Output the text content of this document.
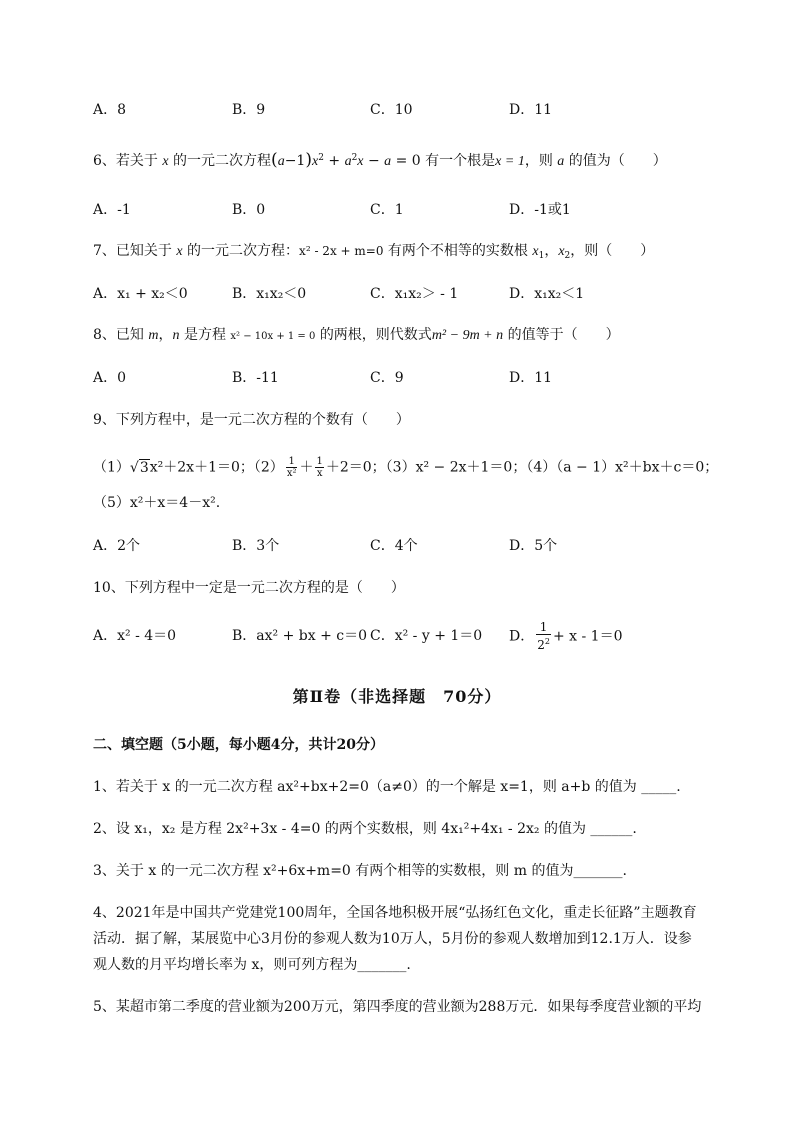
A．8	B．9	C．10	D．11
6、若关于 x 的一元二次方程$(a-1)x^2 + a^2x - a = 0$ 有一个根是x = 1，则 a 的值为（　　）
A．-1	B．0	C．1	D．-1或1
7、已知关于 x 的一元二次方程：x² - 2x + m=0 有两个不相等的实数根 $x_1$，$x_2$，则（　　）
A．x₁ + x₂＜0	B．x₁x₂＜0	C．x₁x₂＞ - 1	D．x₁x₂＜1
8、已知 m，n 是方程 x² − 10x + 1 = 0 的两根，则代数式m² − 9m + n 的值等于（　　）
A．0	B．-11	C．9	D．11
9、下列方程中，是一元二次方程的个数有（　　）
（1）√3x²＋2x＋1＝0；$(2) \frac{1}{\text{x²}} + \frac{1}{x} +2=0$；（3）x² − 2x＋1＝0；（4）（a − 1）x²＋bx＋c＝0；
（5）x²＋x＝4－x².
A．2个	B．3个	C．4个	D．5个
10、下列方程中一定是一元二次方程的是（　　）
A．x² - 4＝0	B．ax² + bx + c＝0 C．x² - y + 1＝0 D． $\frac{1}{2^2} + x - 1=0$
第Ⅱ卷（非选择题　70分）
二、填空题（5小题，每小题4分，共计20分）
1、若关于 x 的一元二次方程 ax²+bx+2=0（a≠0）的一个解是 x=1，则 a+b 的值为 _____.
2、设 x₁，x₂ 是方程 2x²+3x - 4=0 的两个实数根，则 4x₁²+4x₁ - 2x₂ 的值为 ______.
3、关于 x 的一元二次方程 x²+6x+m=0 有两个相等的实数根，则 m 的值为_______.
4、2021年是中国共产党建党100周年，全国各地积极开展“弘扬红色文化，重走长征路”主题教育
活动．据了解，某展览中心3月份的参观人数为10万人，5月份的参观人数增加到12.1万人．设参
观人数的月平均增长率为 x，则可列方程为_______.
5、某超市第二季度的营业额为200万元，第四季度的营业额为288万元．如果每季度营业额的平均
